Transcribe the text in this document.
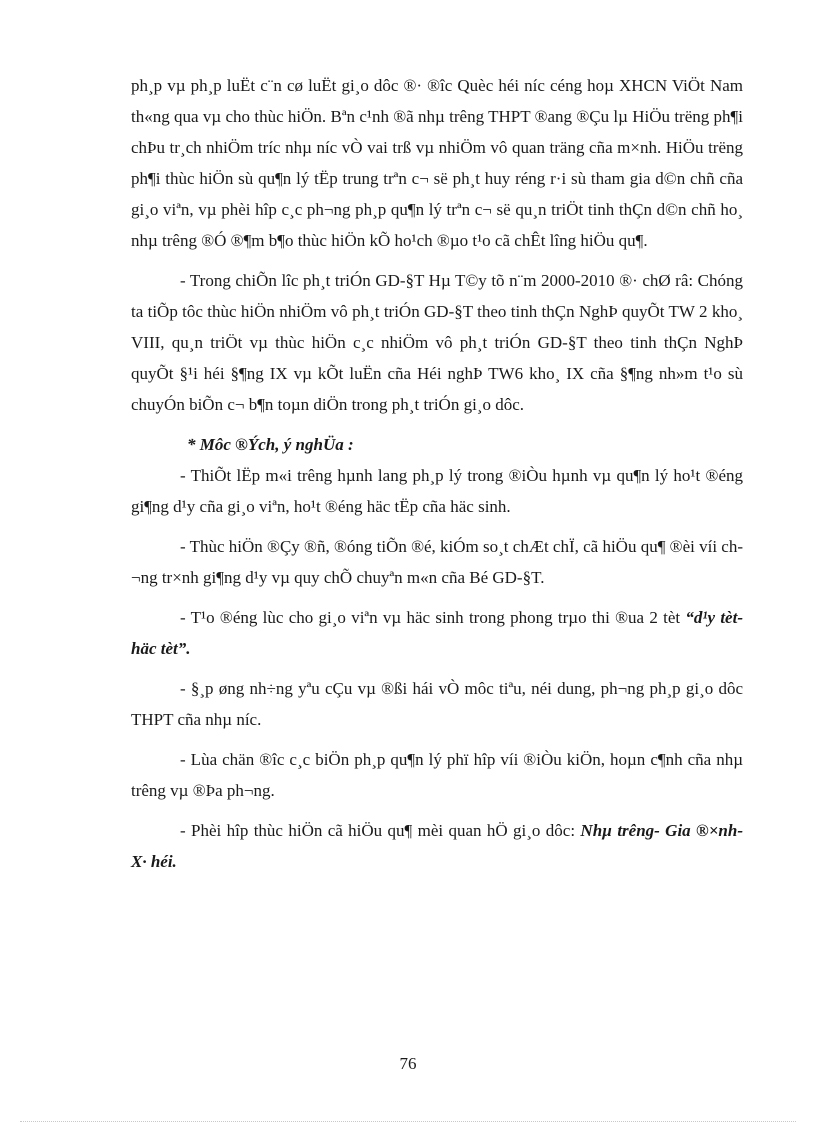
ph¸p vµ ph¸p luËt c¨n cø luËt gi¸o dôc ®· ®îc Quèc héi níc céng hoµ XHCN ViÖt Nam th«ng qua vµ cho thùc hiÖn. Bªn c¹nh ®ã nhµ trêng THPT ®ang ®Çu lµ HiÖu trëng ph¶i chÞu tr¸ch nhiÖm tríc nhµ níc vÒ vai trß vµ nhiÖm vô quan träng cña m×nh. HiÖu trëng ph¶i thùc hiÖn sù qu¶n lý tËp trung trªn c¬ së ph¸t huy réng r·i sù tham gia d©n chñ cña gi¸o viªn, vµ phèi hîp c¸c ph¬ng ph¸p qu¶n lý trªn c¬ së qu¸n triÖt tinh thÇn d©n chñ ho¸ nhµ trêng ®Ó ®¶m b¶o thùc hiÖn kÕ ho¹ch ®µo t¹o cã chÊt lîng hiÖu qu¶.

- Trong chiÕn lîc ph¸t triÓn GD-§T Hµ T©y tõ n¨m 2000-2010 ®· chØ râ: Chóng ta tiÕp tôc thùc hiÖn nhiÖm vô ph¸t triÓn GD-§T theo tinh thÇn NghÞ quyÕt TW 2 kho¸ VIII, qu¸n triÖt vµ thùc hiÖn c¸c nhiÖm vô ph¸t triÓn GD-§T theo tinh thÇn NghÞ quyÕt §¹i héi §¶ng IX vµ kÕt luËn cña Héi nghÞ TW6 kho¸ IX cña §¶ng nh»m t¹o sù chuyÓn biÕn c¬ b¶n toµn diÖn trong ph¸t triÓn gi¸o dôc.

* Môc ®Ých, ý nghÜa :

- ThiÕt lËp m«i trêng hµnh lang ph¸p lý trong ®iÒu hµnh vµ qu¶n lý ho¹t ®éng gi¶ng d¹y cña gi¸o viªn, ho¹t ®éng häc tËp cña häc sinh.

- Thùc hiÖn ®Çy ®ñ, ®óng tiÕn ®é, kiÓm so¸t chÆt chÏ, cã hiÖu qu¶ ®èi víi ch¬ng tr×nh gi¶ng d¹y vµ quy chÕ chuyªn m«n cña Bé GD-§T.

- T¹o ®éng lùc cho gi¸o viªn vµ häc sinh trong phong trµo thi ®ua 2 tèt “d¹y tèt- häc tèt”.

- §¸p øng nh÷ng yªu cÇu vµ ®ßi hái vÒ môc tiªu, néi dung, ph¬ng ph¸p gi¸o dôc THPT cña nhµ níc.

- Lùa chän ®îc c¸c biÖn ph¸p qu¶n lý phï hîp víi ®iÒu kiÖn, hoµn c¶nh cña nhµ trêng vµ ®Þa ph¬ng.

- Phèi hîp thùc hiÖn cã hiÖu qu¶ mèi quan hÖ gi¸o dôc: Nhµ trêng- Gia ®×nh- X· héi.

76
